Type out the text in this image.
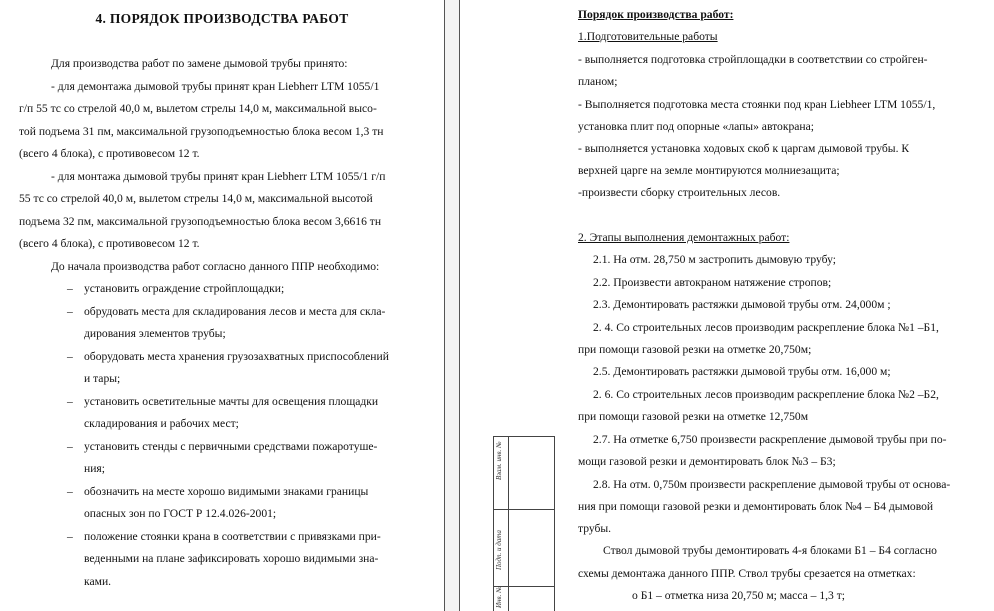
4. ПОРЯДОК ПРОИЗВОДСТВА РАБОТ
Для производства работ по замене дымовой трубы принято:
- для демонтажа дымовой трубы принят кран Liebherr LTM 1055/1
г/п 55 тс со стрелой 40,0 м, вылетом стрелы 14,0 м, максимальной высо-
той подъема 31 пм, максимальной грузоподъемностью блока весом 1,3 тн
(всего 4 блока), с противовесом 12 т.
- для монтажа дымовой трубы принят кран Liebherr LTM 1055/1 г/п
55 тс со стрелой 40,0 м, вылетом стрелы 14,0 м, максимальной высотой
подъема 32 пм, максимальной грузоподъемностью блока весом 3,6616 тн
(всего 4 блока), с противовесом 12 т.
До начала производства работ согласно данного ППР необходимо:
– установить ограждение стройплощадки;
– обрудовать места для складирования лесов и места для скла-
дирования элементов трубы;
– оборудовать места хранения грузозахватных приспособлений
и тары;
– установить осветительные мачты для освещения площадки
складирования и рабочих мест;
– установить стенды с первичными средствами пожаротуше-
ния;
– обозначить на месте хорошо видимыми знаками границы
опасных зон по ГОСТ Р 12.4.026-2001;
– положение стоянки крана в соответствии с привязками при-
веденными на плане зафиксировать хорошо видимыми зна-
ками.
Взам. инв. №
Подп. и дата
Инв. №
Порядок производства работ:
1.Подготовительные работы
- выполняется подготовка стройплощадки в соответствии со стройген-
планом;
- Выполняется подготовка места стоянки под кран Liebheer LTM 1055/1,
установка плит под опорные «лапы» автокрана;
- выполняется установка ходовых скоб к царгам дымовой трубы. К
верхней царге на земле монтируются молниезащита;
-произвести сборку строительных лесов.
2. Этапы выполнения демонтажных работ:
2.1. На отм. 28,750 м застропить дымовую трубу;
2.2. Произвести автокраном натяжение стропов;
2.3. Демонтировать растяжки дымовой трубы отм. 24,000м ;
2. 4. Со строительных лесов производим раскрепление блока №1 –Б1,
при помощи газовой резки на отметке 20,750м;
2.5. Демонтировать растяжки дымовой трубы отм. 16,000 м;
2. 6. Со строительных лесов производим раскрепление блока №2 –Б2,
при помощи газовой резки на отметке 12,750м
2.7. На отметке 6,750 произвести раскрепление дымовой трубы при по-
мощи газовой резки и демонтировать блок №3 – Б3;
2.8. На отм. 0,750м произвести раскрепление дымовой трубы от основа-
ния при помощи газовой резки и демонтировать блок №4 – Б4 дымовой
трубы.
Ствол дымовой трубы демонтировать 4-я блоками Б1 – Б4 согласно
схемы демонтажа данного ППР. Ствол трубы срезается на отметках:
о Б1 – отметка низа 20,750 м; масса – 1,3 т;
